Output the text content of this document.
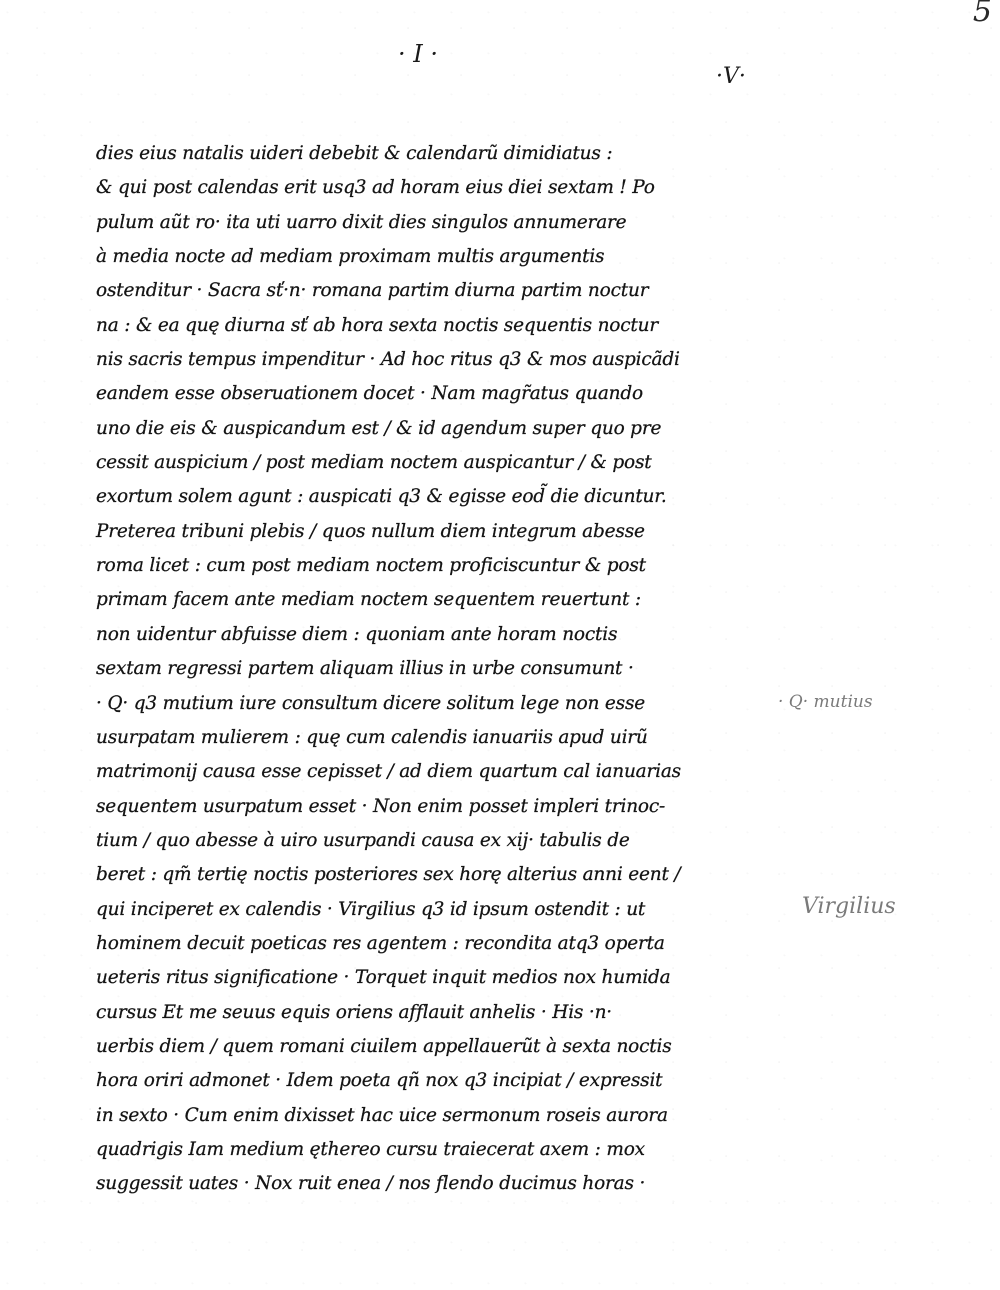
5
· I ·
·V·
dies eius natalis uideri debebit & calendarũ dimidiatus :
& qui post calendas erit usq3 ad horam eius diei sextam ! Po
pulum aũt ro· ita uti uarro dixit dies singulos annumerare
à media nocte ad mediam proximam multis argumentis
ostenditur · Sacra sť·n· romana partim diurna partim noctur
na : & ea quę diurna sť ab hora sexta noctis sequentis noctur
nis sacris tempus impenditur · Ad hoc ritus q3 & mos auspicãdi
eandem esse obseruationem docet · Nam magr̃atus quando
uno die eis & auspicandum est / & id agendum super quo pre
cessit auspicium / post mediam noctem auspicantur / & post
exortum solem agunt : auspicati q3 & egisse eod̃ die dicuntur.
Preterea tribuni plebis / quos nullum diem integrum abesse
roma licet : cum post mediam noctem proficiscuntur & post
primam facem ante mediam noctem sequentem reuertunt :
non uidentur abfuisse diem : quoniam ante horam noctis
sextam regressi partem aliquam illius in urbe consumunt ·
· Q· q3 mutium iure consultum dicere solitum lege non esse
usurpatam mulierem : quę cum calendis ianuariis apud uirũ
matrimonij causa esse cepisset / ad diem quartum cal ianuarias
sequentem usurpatum esset · Non enim posset impleri trinoc-
tium / quo abesse à uiro usurpandi causa ex xij· tabulis de
beret : qm̃ tertię noctis posteriores sex horę alterius anni eent /
qui inciperet ex calendis · Virgilius q3 id ipsum ostendit : ut
hominem decuit poeticas res agentem : recondita atq3 operta
ueteris ritus significatione · Torquet inquit medios nox humida
cursus Et me seuus equis oriens afflauit anhelis · His ·n·
uerbis diem / quem romani ciuilem appellauerũt à sexta noctis
hora oriri admonet · Idem poeta qñ nox q3 incipiat / expressit
in sexto · Cum enim dixisset hac uice sermonum roseis aurora
quadrigis Iam medium ęthereo cursu traiecerat axem : mox
suggessit uates · Nox ruit enea / nos flendo ducimus horas ·
· Q· mutius
Virgilius
